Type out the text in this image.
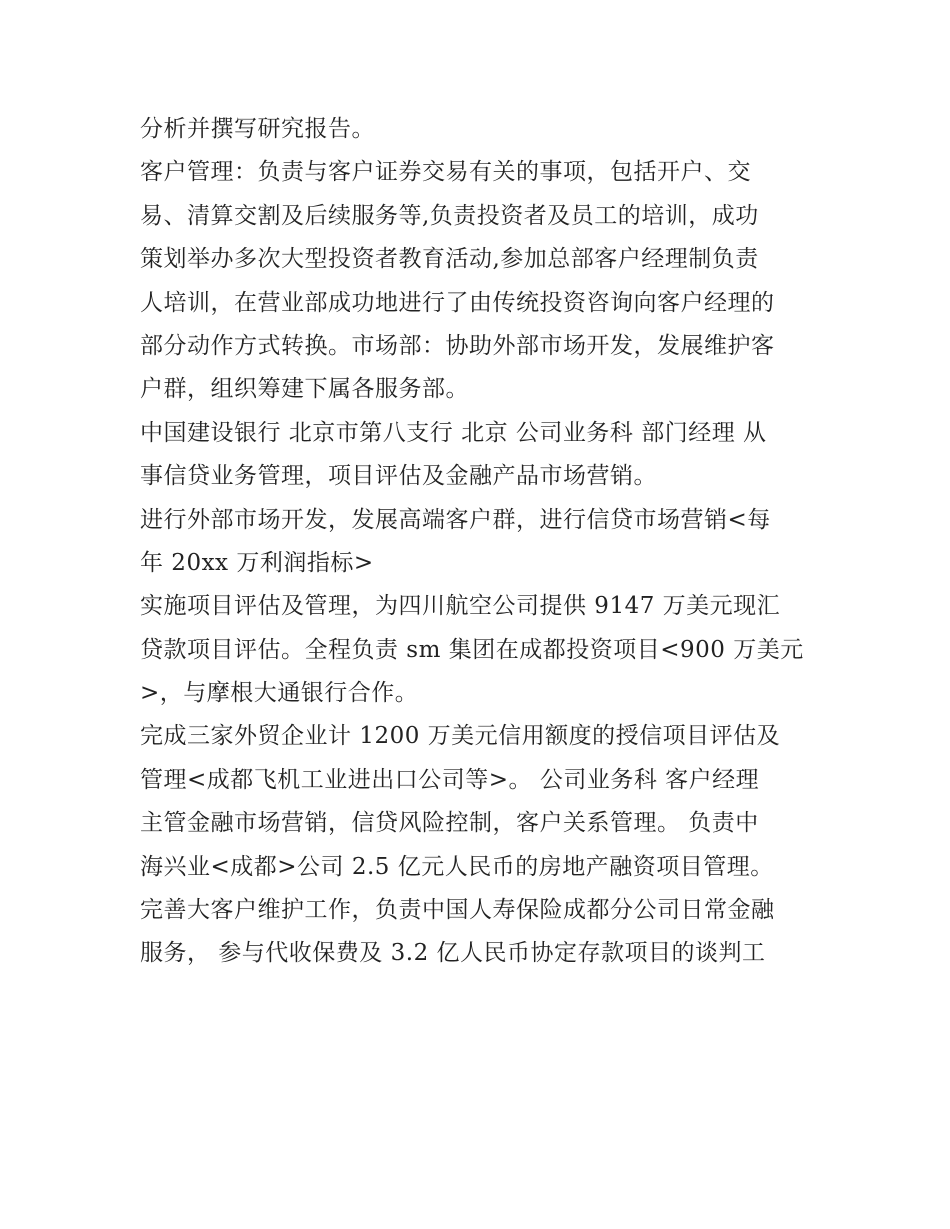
分析并撰写研究报告。
客户管理：负责与客户证券交易有关的事项，包括开户、交
易、清算交割及后续服务等,负责投资者及员工的培训，成功
策划举办多次大型投资者教育活动,参加总部客户经理制负责
人培训，在营业部成功地进行了由传统投资咨询向客户经理的
部分动作方式转换。市场部：协助外部市场开发，发展维护客
户群，组织筹建下属各服务部。
中国建设银行 北京市第八支行 北京 公司业务科 部门经理 从
事信贷业务管理，项目评估及金融产品市场营销。
进行外部市场开发，发展高端客户群，进行信贷市场营销<每
年 20xx 万利润指标>
实施项目评估及管理，为四川航空公司提供 9147 万美元现汇
贷款项目评估。全程负责 sm 集团在成都投资项目<900 万美元
>，与摩根大通银行合作。
完成三家外贸企业计 1200 万美元信用额度的授信项目评估及
管理<成都飞机工业进出口公司等>。 公司业务科 客户经理
主管金融市场营销，信贷风险控制，客户关系管理。 负责中
海兴业<成都>公司 2.5 亿元人民币的房地产融资项目管理。
完善大客户维护工作，负责中国人寿保险成都分公司日常金融
服务， 参与代收保费及 3.2 亿人民币协定存款项目的谈判工
